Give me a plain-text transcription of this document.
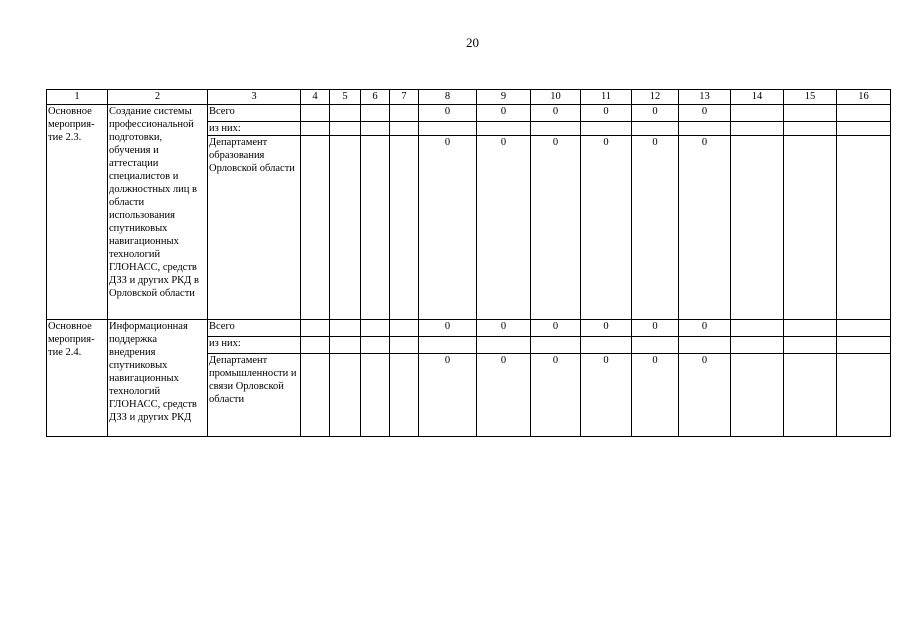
20
1	2	3	4	5	6	7	8	9	10	11	12	13	14	15	16
Основное мероприя-тие 2.3.	Создание системы профессиональной подготовки, обучения и аттестации специалистов и должностных лиц в области использования спутниковых навигационных технологий ГЛОНАСС, средств ДЗЗ и других РКД в Орловской области	Всего					0	0	0	0	0	0			
		из них:													
		Департамент образования Орловской области					0	0	0	0	0	0			
Основное мероприя-тие 2.4.	Информационная поддержка внедрения спутниковых навигационных технологий ГЛОНАСС, средств ДЗЗ и других РКД	Всего					0	0	0	0	0	0			
		из них:													
		Департамент промышленности и связи Орловской области					0	0	0	0	0	0			
